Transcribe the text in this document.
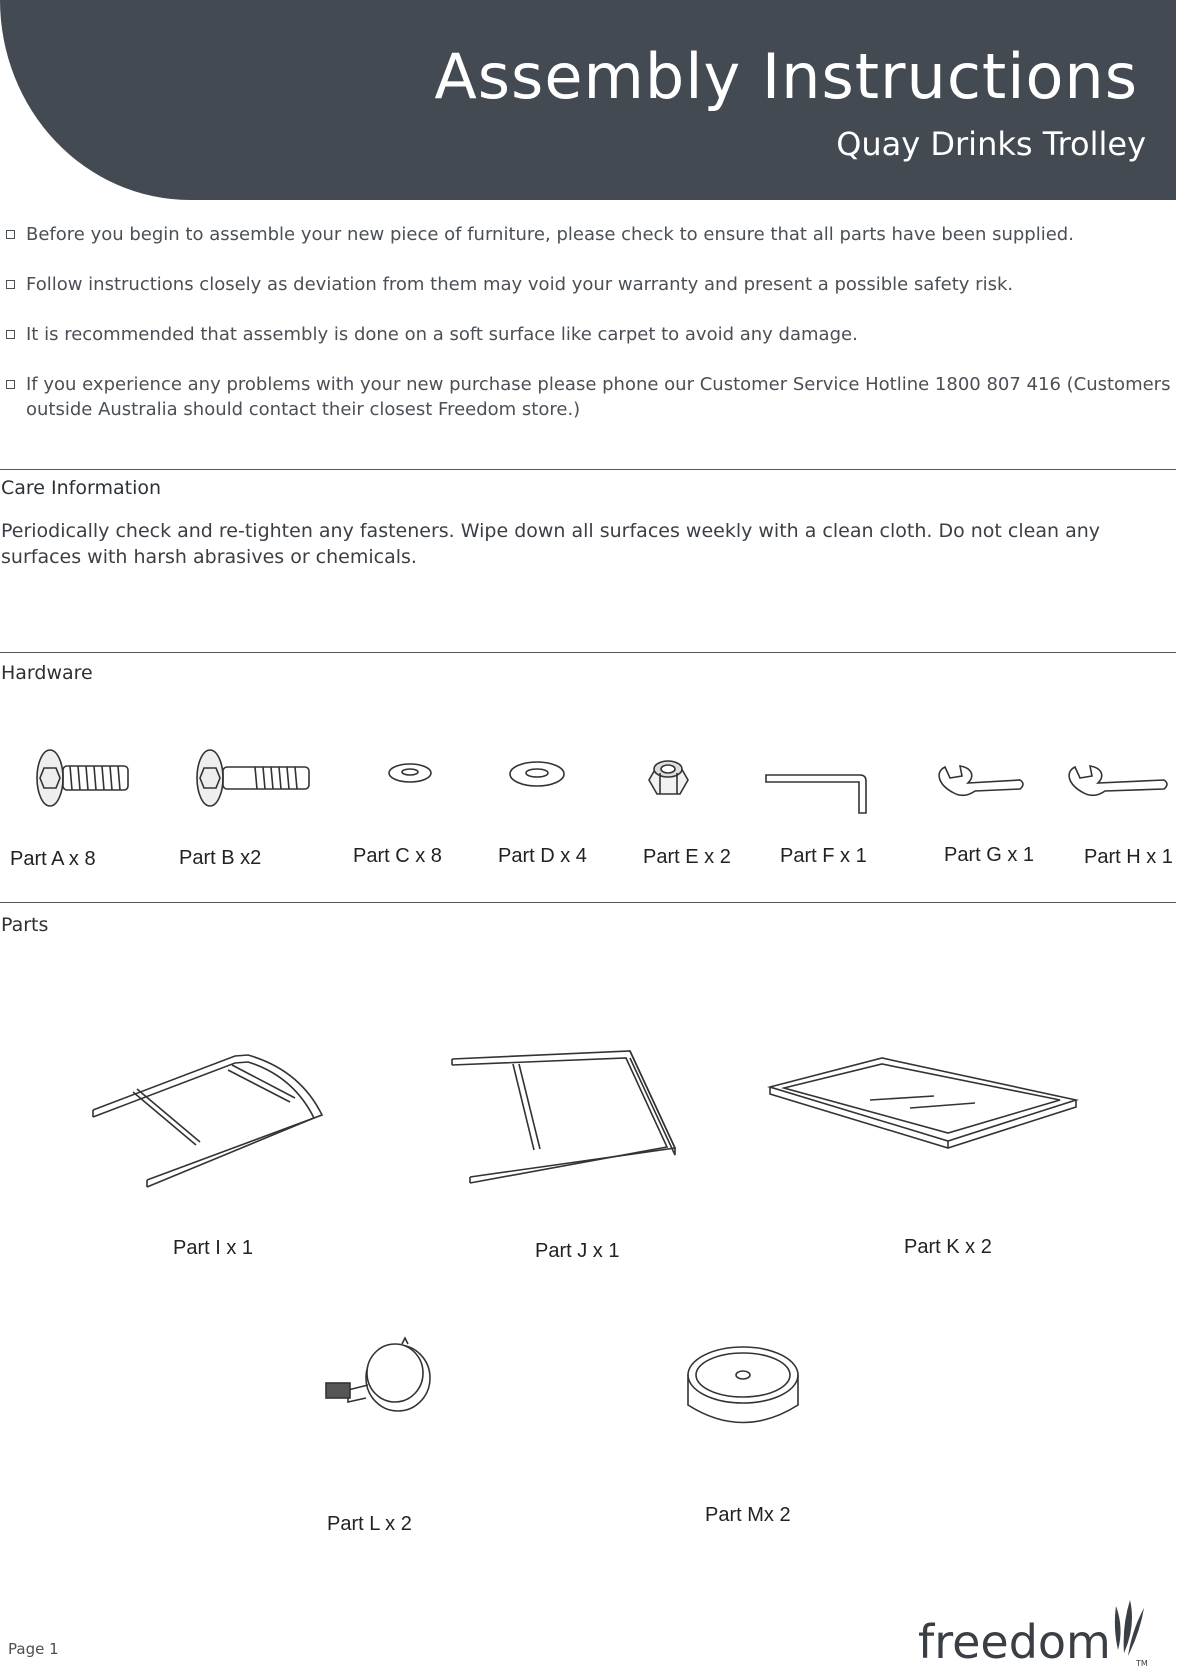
Assembly Instructions
Quay Drinks Trolley
Before you begin to assemble your new piece of furniture, please check to ensure that all parts have been supplied.
Follow instructions closely as deviation from them may void your warranty and present a possible safety risk.
It is recommended that assembly is done on a soft surface like carpet to avoid any damage.
If you experience any problems with your new purchase please phone our Customer Service Hotline 1800 807 416 (Customers outside Australia should contact their closest Freedom store.)
Care Information
Periodically check and re-tighten any fasteners. Wipe down all surfaces weekly with a clean cloth. Do not clean any surfaces with harsh abrasives or chemicals.
Hardware
Part A x 8	Part B x2	Part C x 8	Part D x 4	Part E x 2 Part F x 1	Part G x 1 Part H x 1
Parts
Part I x 1	Part J x 1	Part K x 2
Part L x 2	Part Mx 2
Page 1	freedom	TM
